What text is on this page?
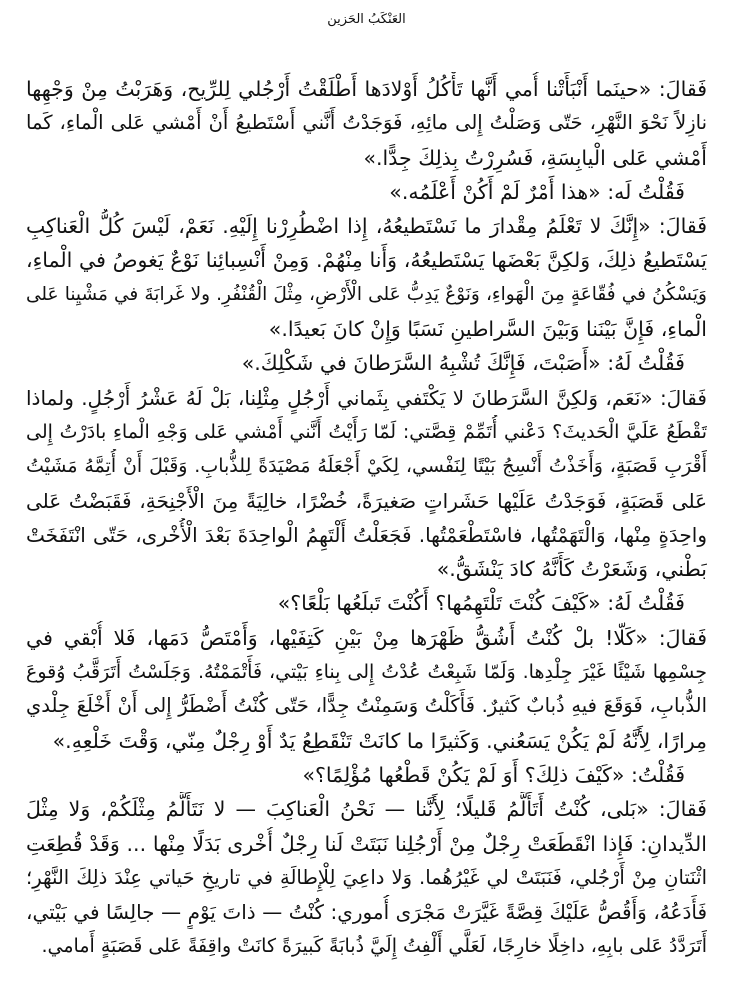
العَنْكَبُ الحَزين
فَقالَ: «حينَما أَنْبَأَتْنا أُمي أَنَّها تَأْكُلُ أَوْلادَها أَطْلَقْتُ أَرْجُلي لِلرِّيح، وَهَرَبْتُ مِنْ وَجْهِها
نازِلاً نَحْوَ النَّهْرِ، حَتّى وَصَلْتُ إِلى مائِهِ، فَوَجَدْتُ أَنَّني أَسْتَطيعُ أَنْ أَمْشي عَلى الْماءِ، كَما
أَمْشي عَلى الْيابِسَةِ، فَسُرِرْتُ بِذلِكَ جِدًّا.»
فَقُلْتُ لَه: «هذا أَمْرٌ لَمْ أَكُنْ أَعْلَمُه.»
فَقالَ: «إِنَّكَ لا تَعْلَمُ مِقْدارَ ما نَسْتَطيعُهُ، إِذا اضْطُرِرْنا إِلَيْهِ. نَعَمْ، لَيْسَ كُلُّ الْعَناكِبِ
يَسْتَطيعُ ذلِكَ، وَلكِنَّ بَعْضَها يَسْتَطيعُهُ، وَأَنا مِنْهُمْ. وَمِنْ أَنْسِبائِنا نَوْعٌ يَغوصُ في الْماءِ،
وَيَسْكُنُ في فُقّاعَةٍ مِنَ الْهَواءِ، وَنَوْعٌ يَدِبُّ عَلى الْأَرْضِ، مِثْلَ الْقُنْفُرِ. ولا غَرابَةَ في مَشْيِنا عَلى
الْماءِ، فَإِنَّ بَيْنَنا وَبَيْنَ السَّراطينِ نَسَبًا وَإِنْ كانَ بَعيدًا.»
فَقُلْتُ لَهُ: «أَصَبْتَ، فَإِنَّكَ تُشْبِهُ السَّرَطانَ في شَكْلِكَ.»
فَقالَ: «نَعَم، وَلكِنَّ السَّرَطانَ لا يَكْتَفي بِثَماني أَرْجُلٍ مِثْلِنا، بَلْ لَهُ عَشْرُ أَرْجُلٍ. ولماذا
تَقْطَعُ عَلَيَّ الْحَديثَ؟ دَعْني أُتَمِّمْ قِصَّتي: لَمّا رَأَيْتُ أَنَّني أَمْشي عَلى وَجْهِ الْماءِ بادَرْتُ إِلى
أَقْرَبِ قَصَبَةٍ، وَأَخَذْتُ أَنْسِجُ بَيْتًا لِنَفْسي، لِكَيْ أَجْعَلَهُ مَصْيَدَةً لِلذُّبابِ. وَقَبْلَ أَنْ أُتِمَّهُ مَشَيْتُ
عَلى قَصَبَةٍ، فَوَجَدْتُ عَلَيْها حَشَراتٍ صَغيرَةً، خُضْرًا، خالِيَةً مِنَ الْأَجْنِحَةِ، فَقَبَضْتُ عَلى
واحِدَةٍ مِنْها، وَالْتَهَمْتُها، فاسْتَطْعَمْتُها. فَجَعَلْتُ أَلْتَهِمُ الْواحِدَةَ بَعْدَ الْأُخْرى، حَتّى انْتَفَخَتْ
بَطْني، وَشَعَرْتُ كَأَنَّهُ كادَ يَنْشَقُّ.»
فَقُلْتُ لَهُ: «كَيْفَ كُنْتَ تَلْتَهِمُها؟ أَكُنْتَ تَبلَعُها بَلْعًا؟»
فَقالَ: «كَلّا! بلْ كُنْتُ أَشُقُّ ظَهْرَها مِنْ بَيْنِ كَتِفَيْها، وَأَمْتَصُّ دَمَها، فَلا أُبْقي في
جِسْمِها شَيْئًا غَيْرَ جِلْدِها. وَلَمّا شَبِعْتُ عُدْتُ إِلى بِناءِ بَيْتي، فَأَتْمَمْتُهُ. وَجَلَسْتُ أَتَرَقَّبُ وُقوعَ
الذُّبابِ، فَوَقَعَ فيهِ ذُبابٌ كَثيرٌ. فَأَكَلْتُ وَسَمِنْتُ جِدًّا، حَتّى كُنْتُ أَضْطَرُّ إِلى أَنْ أَخْلَعَ جِلْدي
مِرارًا، لِأَنَّهُ لَمْ يَكُنْ يَسَعُني. وَكَثيرًا ما كانَتْ تَنْقَطِعُ يَدٌ أَوْ رِجْلٌ مِنّي، وَقْتَ خَلْعِهِ.»
فَقُلْتُ: «كَيْفَ ذلِكَ؟ أَوَ لَمْ يَكُنْ قَطْعُها مُؤْلِمًا؟»
فَقالَ: «بَلى، كُنْتُ أَتَأَلَّمُ قَليلًا؛ لِأَنَّنا — نَحْنُ الْعَناكِبَ — لا نَتَأَلَّمُ مِثْلَكُمْ، وَلا مِثْلَ
الدِّيدانِ: فَإِذا انْقَطَعَتْ رِجْلٌ مِنْ أَرْجُلِنا نَبَتَتْ لَنا رِجْلٌ أُخْرى بَدَلًا مِنْها ... وَقَدْ قُطِعَتِ
اثْنَتانِ مِنْ أَرْجُلي، فَنَبَتَتْ لي غَيْرُهُما. وَلا داعِيَ لِلْإِطالَةِ في تاريخِ حَياتي عِنْدَ ذلِكَ النَّهْرِ؛
فَأَدَعُهُ، وَأَقُصُّ عَلَيْكَ قِصَّةً غَيَّرَتْ مَجْرَى أُموري: كُنْتُ — ذاتَ يَوْمٍ — جالِسًا في بَيْتي،
أَتَرَدَّدُ عَلى بابِهِ، داخِلًا خارِجًا، لَعَلَّي أَلْفِتُ إِلَيَّ ذُبابَةً كَبيرَةً كانَتْ واقِفَةً عَلى قَصَبَةٍ أَمامي.
